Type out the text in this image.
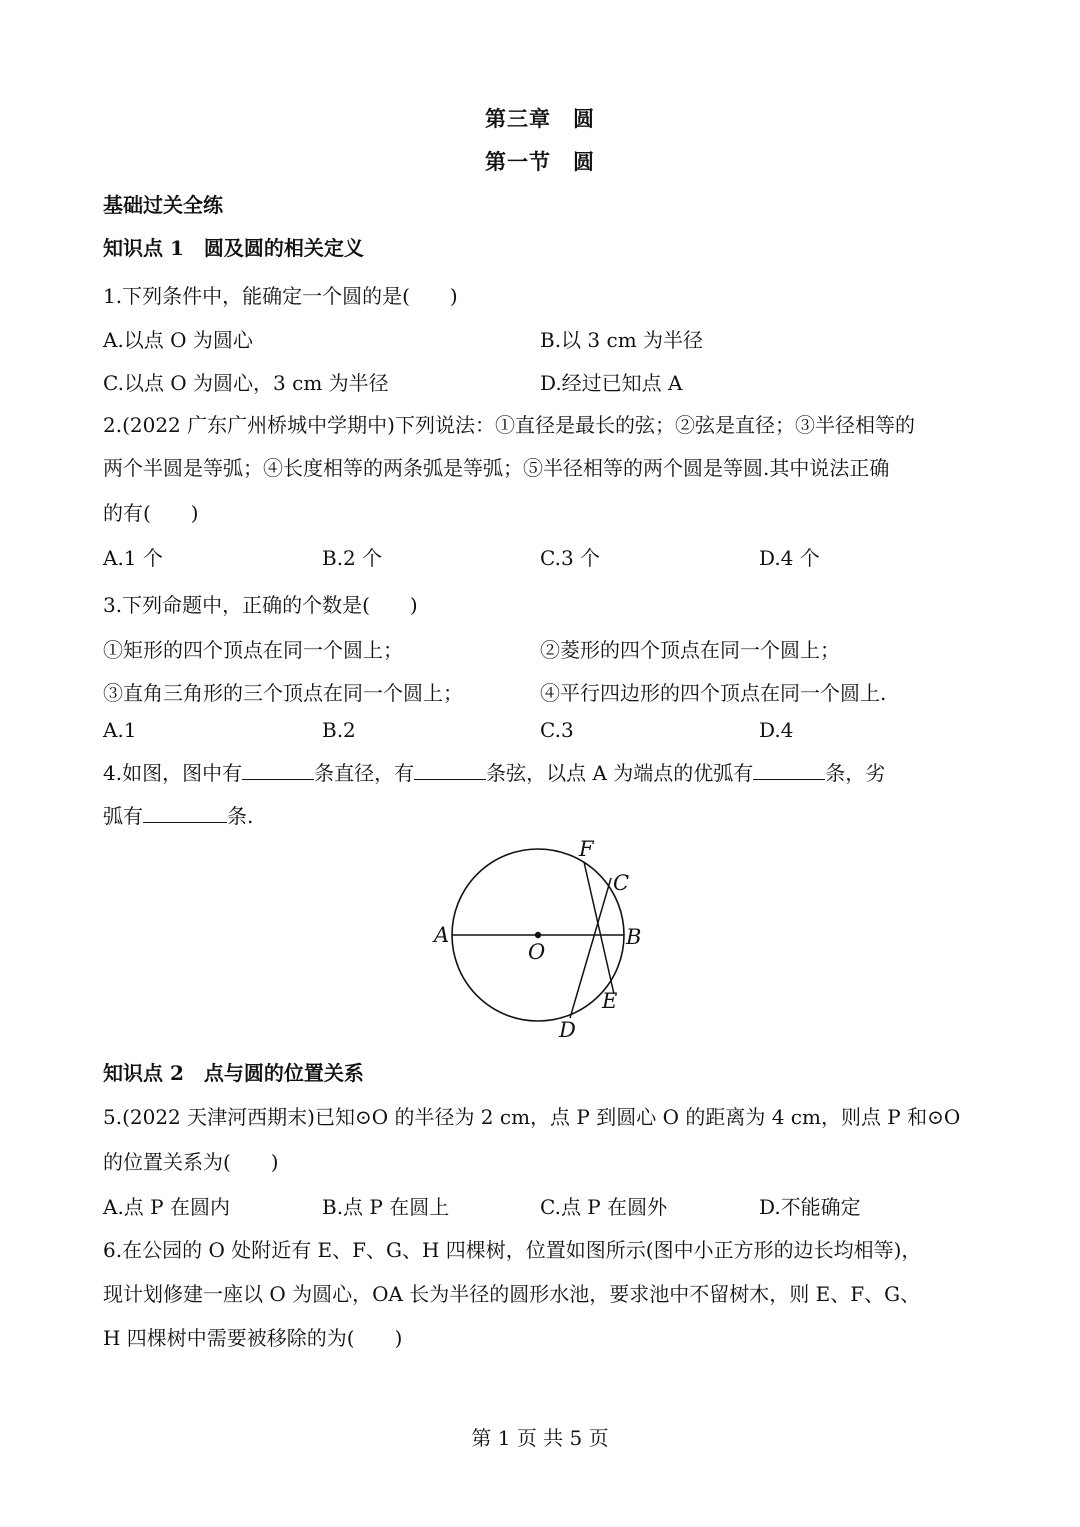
第三章　圆
第一节　圆
基础过关全练
知识点 1　圆及圆的相关定义
1.下列条件中，能确定一个圆的是(　　)
A.以点 O 为圆心	B.以 3 cm 为半径
C.以点 O 为圆心，3 cm 为半径	D.经过已知点 A
2.(2022 广东广州桥城中学期中)下列说法：①直径是最长的弦；②弦是直径；③半径相等的
两个半圆是等弧；④长度相等的两条弧是等弧；⑤半径相等的两个圆是等圆.其中说法正确
的有(　　)
A.1 个	B.2 个	C.3 个	D.4 个
3.下列命题中，正确的个数是(　　)
①矩形的四个顶点在同一个圆上；	②菱形的四个顶点在同一个圆上；
③直角三角形的三个顶点在同一个圆上；	④平行四边形的四个顶点在同一个圆上.
A.1	B.2	C.3	D.4
4.如图，图中有	条直径，有	条弦，以点 A 为端点的优弧有	条，劣
弧有	条.
A	B
C
D
E
F
O
知识点 2　点与圆的位置关系
5.(2022 天津河西期末)已知⊙O 的半径为 2 cm，点 P 到圆心 O 的距离为 4 cm，则点 P 和⊙O
的位置关系为(　　)
A.点 P 在圆内	B.点 P 在圆上	C.点 P 在圆外	D.不能确定
6.在公园的 O 处附近有 E、F、G、H 四棵树，位置如图所示(图中小正方形的边长均相等)，
现计划修建一座以 O 为圆心，OA 长为半径的圆形水池，要求池中不留树木，则 E、F、G、
H 四棵树中需要被移除的为(　　)
第 1 页 共 5 页
